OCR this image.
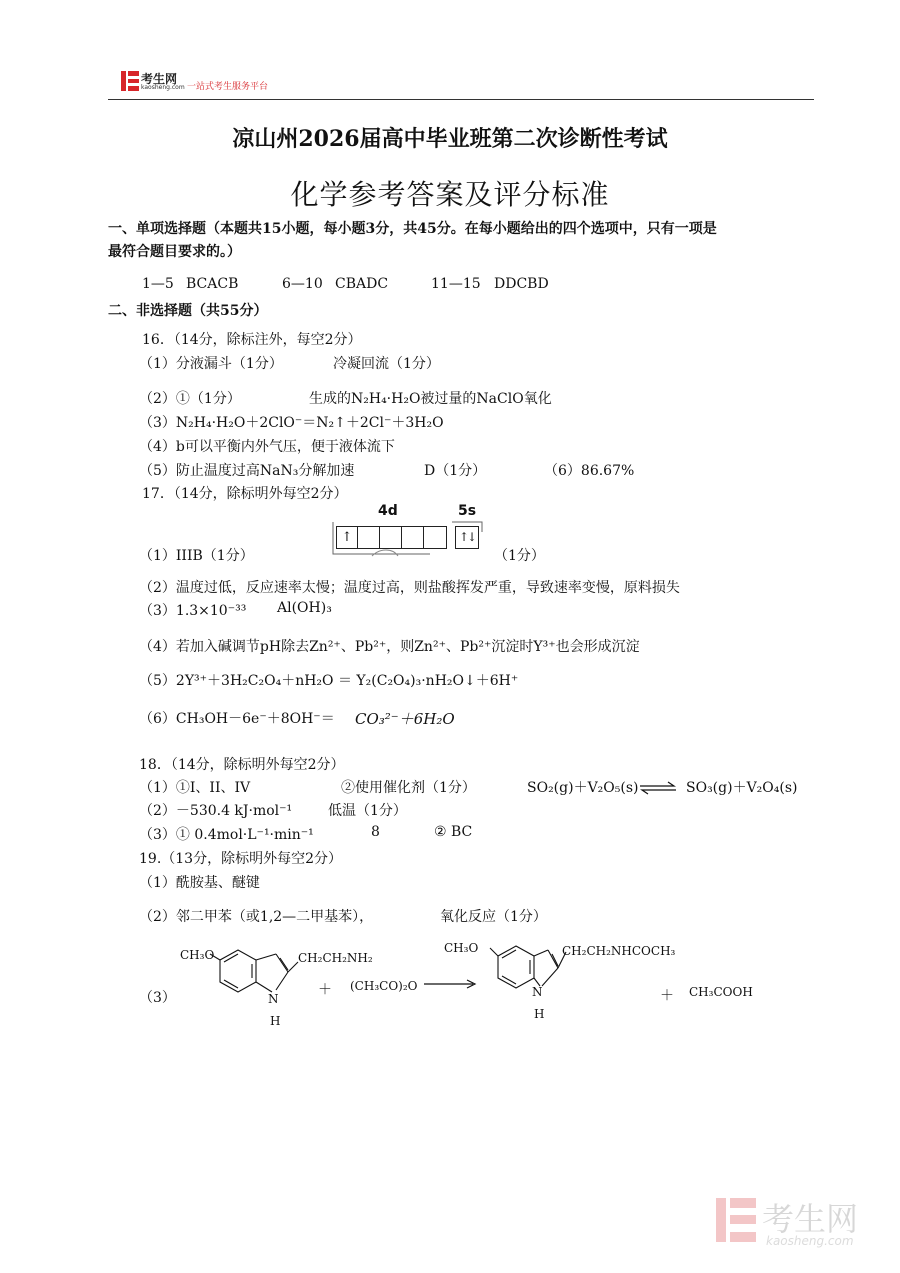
考生网
kaosheng.com 一站式考生服务平台
凉山州2026届高中毕业班第二次诊断性考试
化学参考答案及评分标准
一、单项选择题（本题共15小题，每小题3分，共45分。在每小题给出的四个选项中，只有一项是
最符合题目要求的。）
1—5 BCACB	6—10 CBADC	11—15 DDCBD
二、非选择题（共55分）
16．（14分，除标注外，每空2分）
（1）分液漏斗（1分）	冷凝回流（1分）
（2）①（1分）	生成的N₂H₄·H₂O被过量的NaClO氧化
（3）N₂H₄·H₂O＋2ClO⁻＝N₂↑＋2Cl⁻＋3H₂O
（4）b可以平衡内外气压，便于液体流下
（5）防止温度过高NaN₃分解加速	D（1分）	（6）86.67%
17．（14分，除标明外每空2分）
（1）IIIB（1分）
4d	5s
↑	↑↓
（1分）
（2）温度过低，反应速率太慢；温度过高，则盐酸挥发严重，导致速率变慢，原料损失
（3）1.3×10⁻³³ Al(OH)₃
（4）若加入碱调节pH除去Zn²⁺、Pb²⁺，则Zn²⁺、Pb²⁺沉淀时Y³⁺也会形成沉淀
（5）2Y³⁺＋3H₂C₂O₄＋nH₂O ＝ Y₂(C₂O₄)₃·nH₂O↓＋6H⁺
（6）CH₃OH－6e⁻＋8OH⁻＝ CO₃²⁻＋6H₂O
18．（14分，除标明外每空2分）
（1）①I、II、IV	②使用催化剂（1分）	SO₂(g)＋V₂O₅(s) ⇌ SO₃(g)＋V₂O₄(s)
（2）－530.4 kJ·mol⁻¹	低温（1分）
（3）① 0.4mol·L⁻¹·min⁻¹	8	② BC
19.（13分，除标明外每空2分）
（1）酰胺基、醚键
（2）邻二甲苯（或1,2—二甲基苯），	氧化反应（1分）
（3）
CH₃O	CH₂CH₂NH₂
N
H
＋ (CH₃CO)₂O →
CH₃O	CH₂CH₂NHCOCH₃
N
H
＋ CH₃COOH
考生网
kaosheng.com
